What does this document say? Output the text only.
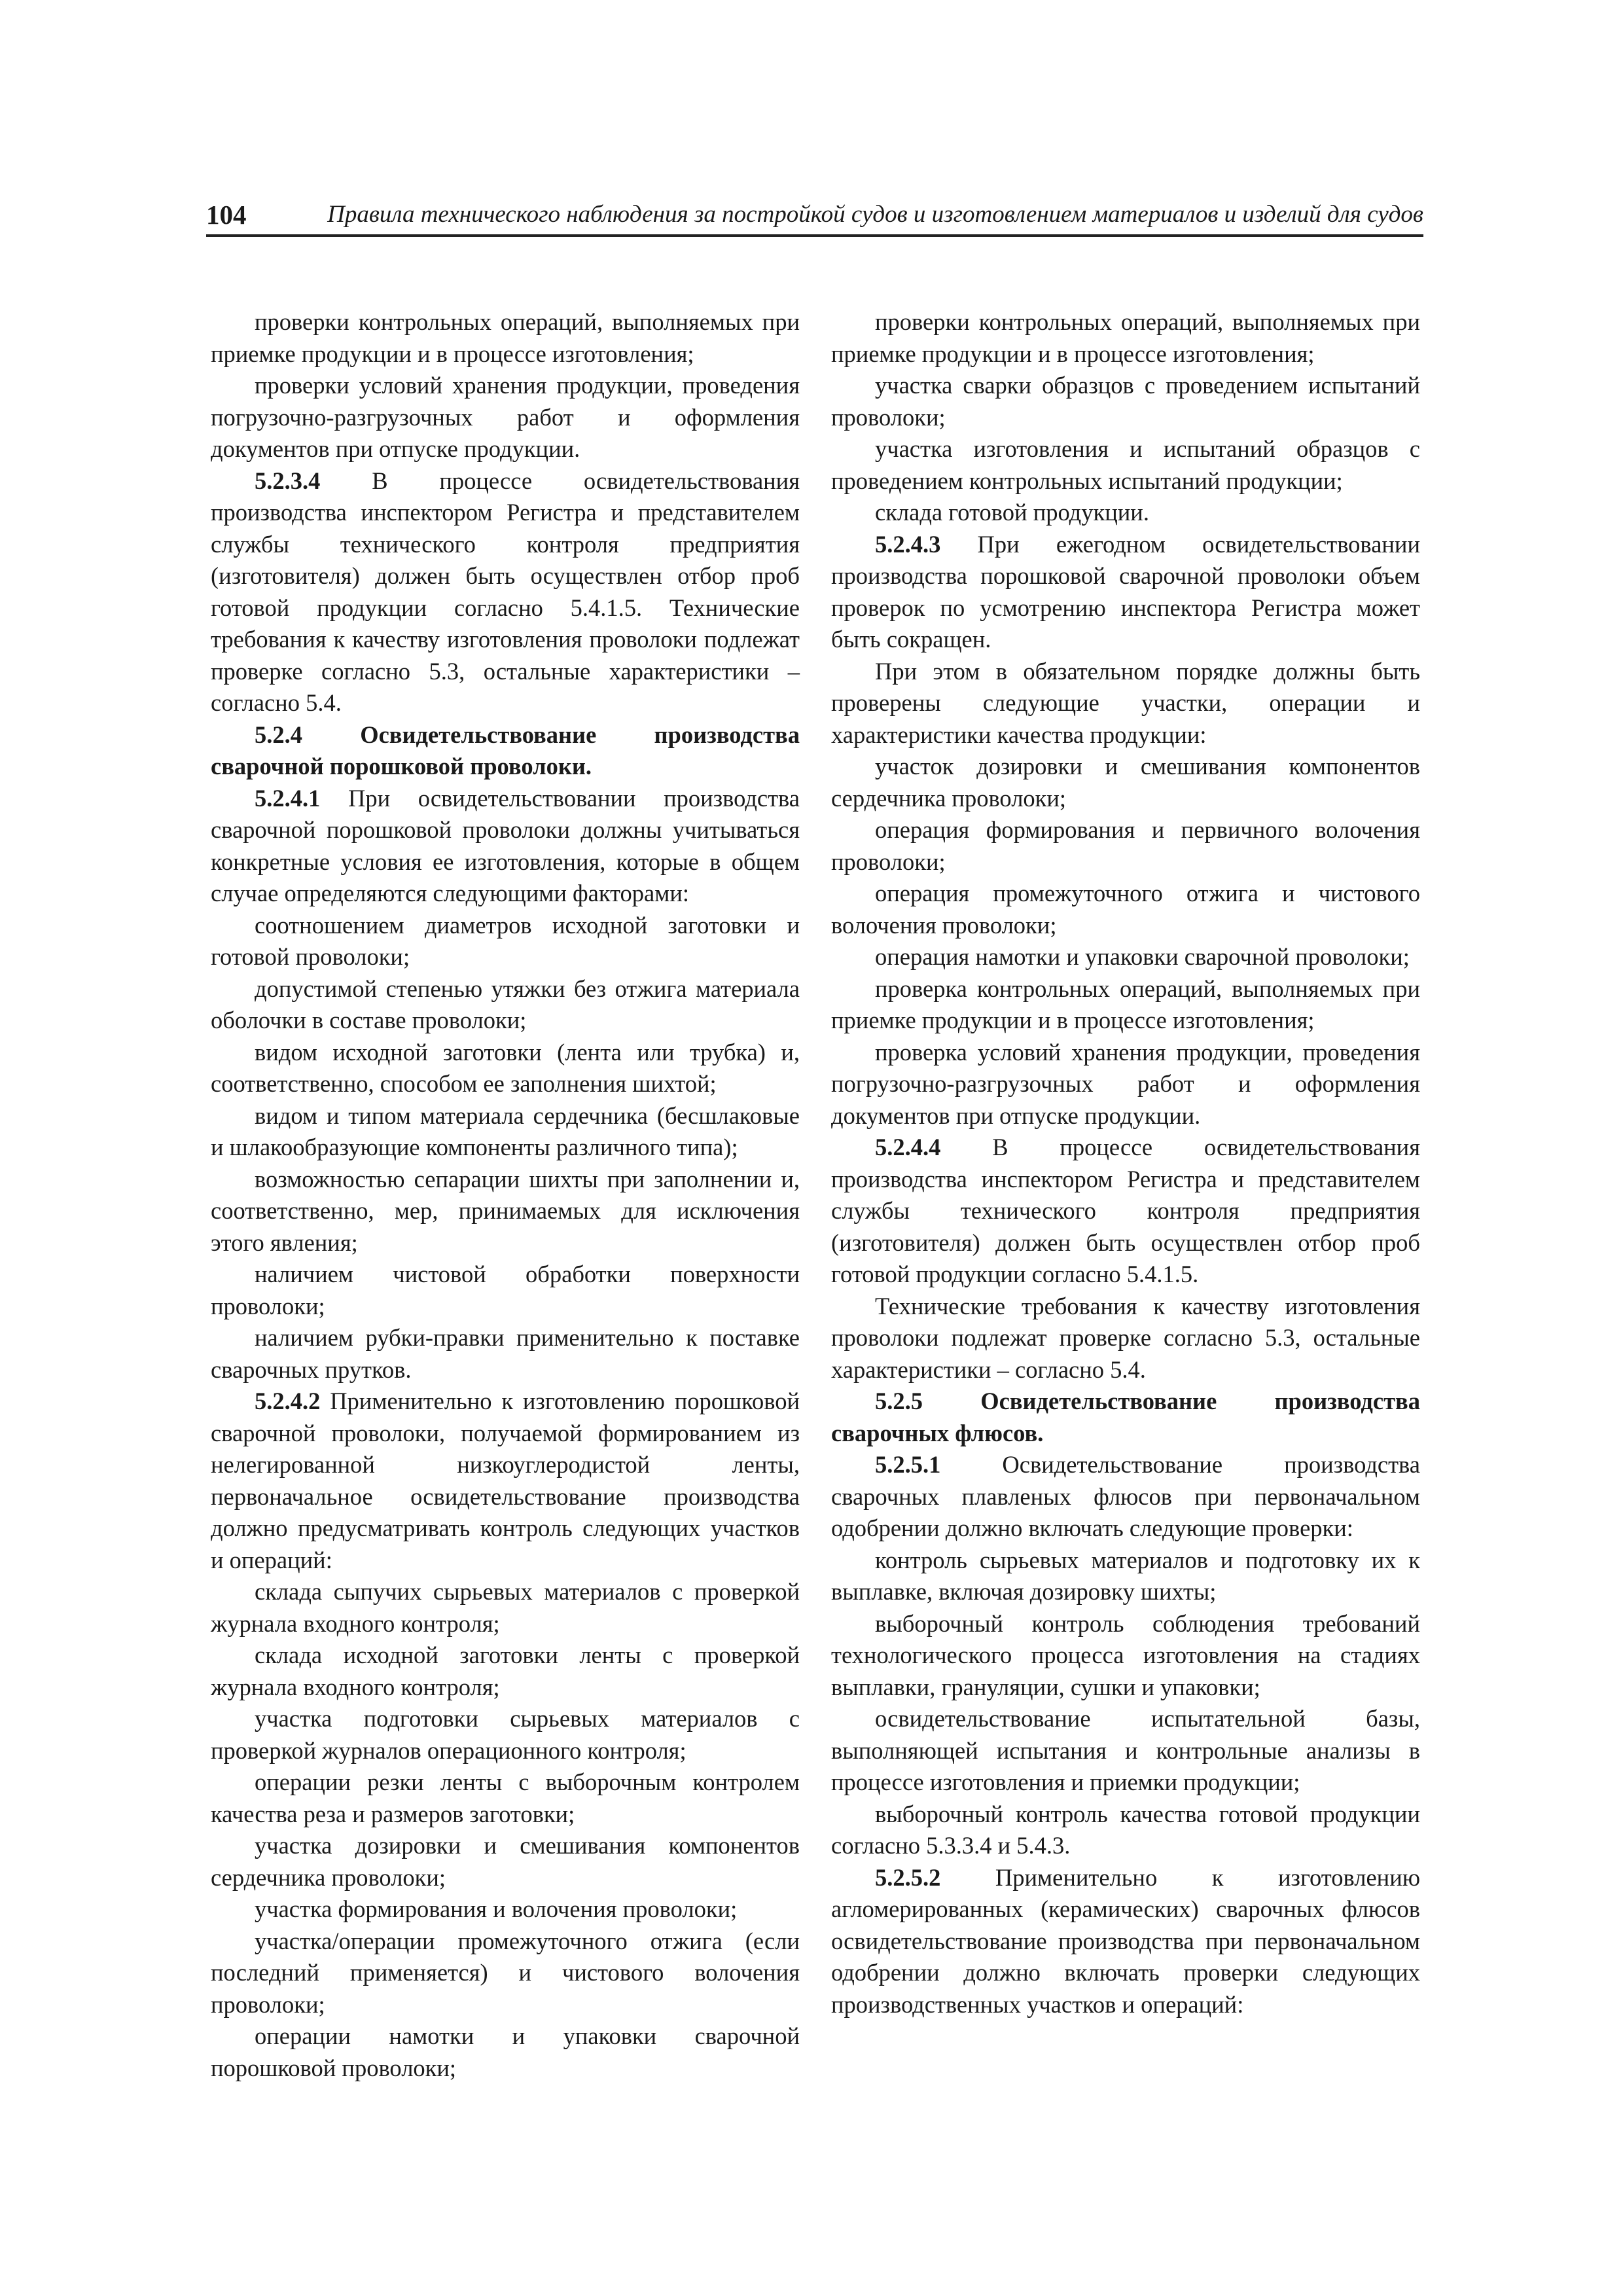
104	Правила технического наблюдения за постройкой судов и изготовлением материалов и изделий для судов

проверки контрольных операций, выполняемых при приемке продукции и в процессе изготовления;

проверки условий хранения продукции, проведения погрузочно-разгрузочных работ и оформления документов при отпуске продукции.

5.2.3.4 В процессе освидетельствования производства инспектором Регистра и представителем службы технического контроля предприятия (изготовителя) должен быть осуществлен отбор проб готовой продукции согласно 5.4.1.5. Технические требования к качеству изготовления проволоки подлежат проверке согласно 5.3, остальные характеристики – согласно 5.4.

5.2.4 Освидетельствование производства сварочной порошковой проволоки.

5.2.4.1 При освидетельствовании производства сварочной порошковой проволоки должны учитываться конкретные условия ее изготовления, которые в общем случае определяются следующими факторами:

соотношением диаметров исходной заготовки и готовой проволоки;

допустимой степенью утяжки без отжига материала оболочки в составе проволоки;

видом исходной заготовки (лента или трубка) и, соответственно, способом ее заполнения шихтой;

видом и типом материала сердечника (бесшлаковые и шлакообразующие компоненты различного типа);

возможностью сепарации шихты при заполнении и, соответственно, мер, принимаемых для исключения этого явления;

наличием чистовой обработки поверхности проволоки;

наличием рубки-правки применительно к поставке сварочных прутков.

5.2.4.2 Применительно к изготовлению порошковой сварочной проволоки, получаемой формированием из нелегированной низкоуглеродистой ленты, первоначальное освидетельствование производства должно предусматривать контроль следующих участков и операций:

склада сыпучих сырьевых материалов с проверкой журнала входного контроля;

склада исходной заготовки ленты с проверкой журнала входного контроля;

участка подготовки сырьевых материалов с проверкой журналов операционного контроля;

операции резки ленты с выборочным контролем качества реза и размеров заготовки;

участка дозировки и смешивания компонентов сердечника проволоки;

участка формирования и волочения проволоки;

участка/операции промежуточного отжига (если последний применяется) и чистового волочения проволоки;

операции намотки и упаковки сварочной порошковой проволоки;

проверки контрольных операций, выполняемых при приемке продукции и в процессе изготовления;

участка сварки образцов с проведением испытаний проволоки;

участка изготовления и испытаний образцов с проведением контрольных испытаний продукции;

склада готовой продукции.

5.2.4.3 При ежегодном освидетельствовании производства порошковой сварочной проволоки объем проверок по усмотрению инспектора Регистра может быть сокращен.

При этом в обязательном порядке должны быть проверены следующие участки, операции и характеристики качества продукции:

участок дозировки и смешивания компонентов сердечника проволоки;

операция формирования и первичного волочения проволоки;

операция промежуточного отжига и чистового волочения проволоки;

операция намотки и упаковки сварочной проволоки;

проверка контрольных операций, выполняемых при приемке продукции и в процессе изготовления;

проверка условий хранения продукции, проведения погрузочно-разгрузочных работ и оформления документов при отпуске продукции.

5.2.4.4 В процессе освидетельствования производства инспектором Регистра и представителем службы технического контроля предприятия (изготовителя) должен быть осуществлен отбор проб готовой продукции согласно 5.4.1.5.

Технические требования к качеству изготовления проволоки подлежат проверке согласно 5.3, остальные характеристики – согласно 5.4.

5.2.5 Освидетельствование производства сварочных флюсов.

5.2.5.1 Освидетельствование производства сварочных плавленых флюсов при первоначальном одобрении должно включать следующие проверки:

контроль сырьевых материалов и подготовку их к выплавке, включая дозировку шихты;

выборочный контроль соблюдения требований технологического процесса изготовления на стадиях выплавки, грануляции, сушки и упаковки;

освидетельствование испытательной базы, выполняющей испытания и контрольные анализы в процессе изготовления и приемки продукции;

выборочный контроль качества готовой продукции согласно 5.3.3.4 и 5.4.3.

5.2.5.2 Применительно к изготовлению агломерированных (керамических) сварочных флюсов освидетельствование производства при первоначальном одобрении должно включать проверки следующих производственных участков и операций:
